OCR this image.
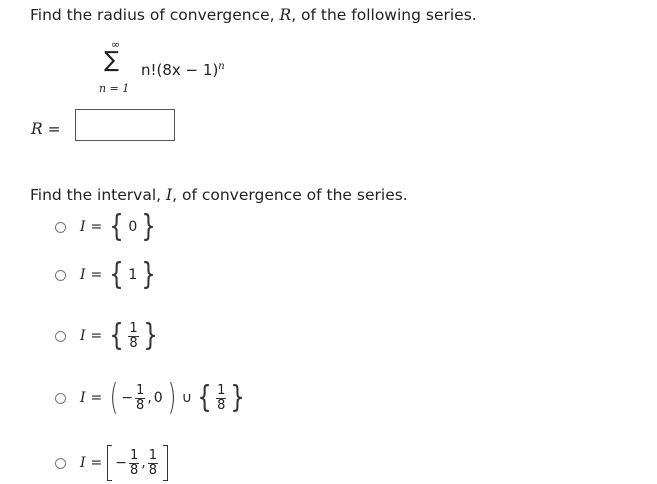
Find the radius of convergence, R, of the following series.
∞
∑
n = 1
$n!(8x - 1)^n$
R =
Find the interval, I, of convergence of the series.
I = { 0 }
I = { 1 }
I = { $\frac{1}{8}$ }
I = ( − $\frac{1}{8}$ , 0 ) ∪ { $\frac{1}{8}$ }
I = − $\frac{1}{8}$ , $\frac{1}{8}$
